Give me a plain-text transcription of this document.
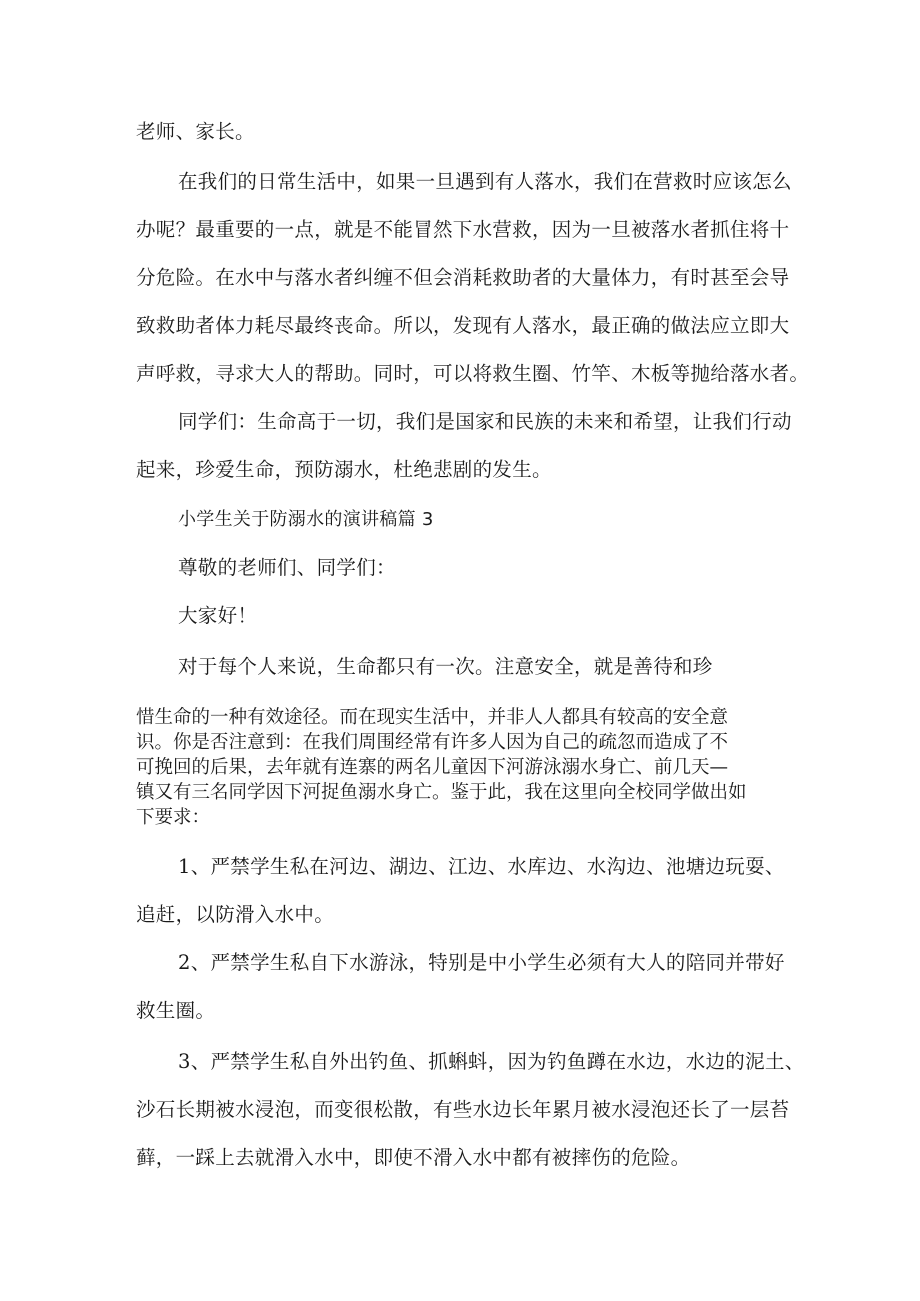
老师、家长。

在我们的日常生活中，如果一旦遇到有人落水，我们在营救时应该怎么

办呢？最重要的一点，就是不能冒然下水营救，因为一旦被落水者抓住将十

分危险。在水中与落水者纠缠不但会消耗救助者的大量体力，有时甚至会导

致救助者体力耗尽最终丧命。所以，发现有人落水，最正确的做法应立即大

声呼救，寻求大人的帮助。同时，可以将救生圈、竹竿、木板等抛给落水者。

同学们：生命高于一切，我们是国家和民族的未来和希望，让我们行动

起来，珍爱生命，预防溺水，杜绝悲剧的发生。

小学生关于防溺水的演讲稿篇 3

尊敬的老师们、同学们：

大家好！

对于每个人来说，生命都只有一次。注意安全，就是善待和珍

惜生命的一种有效途径。而在现实生活中，并非人人都具有较高的安全意

识。你是否注意到：在我们周围经常有许多人因为自己的疏忽而造成了不

可挽回的后果，去年就有连寨的两名儿童因下河游泳溺水身亡、前几天—

镇又有三名同学因下河捉鱼溺水身亡。鉴于此，我在这里向全校同学做出如

下要求：

1、严禁学生私在河边、湖边、江边、水库边、水沟边、池塘边玩耍、

追赶，以防滑入水中。

2、严禁学生私自下水游泳，特别是中小学生必须有大人的陪同并带好

救生圈。

3、严禁学生私自外出钓鱼、抓蝌蚪，因为钓鱼蹲在水边，水边的泥土、

沙石长期被水浸泡，而变很松散，有些水边长年累月被水浸泡还长了一层苔

藓，一踩上去就滑入水中，即使不滑入水中都有被摔伤的危险。
